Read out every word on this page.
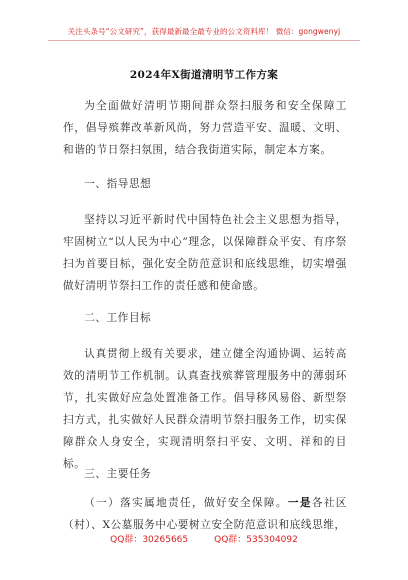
关注头条号“公文研究”，获得最新最全最专业的公文资料库！ 微信：gongwenyj
2024年X街道清明节工作方案

为全面做好清明节期间群众祭扫服务和安全保障工作，倡导殡葬改革新风尚，努力营造平安、温暖、文明、和谐的节日祭扫氛围，结合我街道实际，制定本方案。

一、指导思想

坚持以习近平新时代中国特色社会主义思想为指导，牢固树立“以人民为中心”理念，以保障群众平安、有序祭扫为首要目标，强化安全防范意识和底线思维，切实增强做好清明节祭扫工作的责任感和使命感。

二、工作目标

认真贯彻上级有关要求，建立健全沟通协调、运转高效的清明节工作机制。认真查找殡葬管理服务中的薄弱环节，扎实做好应急处置准备工作。倡导移风易俗、新型祭扫方式，扎实做好人民群众清明节祭扫服务工作，切实保障群众人身安全，实现清明祭扫平安、文明、祥和的目标。

三、主要任务

（一）落实属地责任，做好安全保障。一是各社区（村）、X公墓服务中心要树立安全防范意识和底线思维，

QQ群：30265665	QQ群：535304092
